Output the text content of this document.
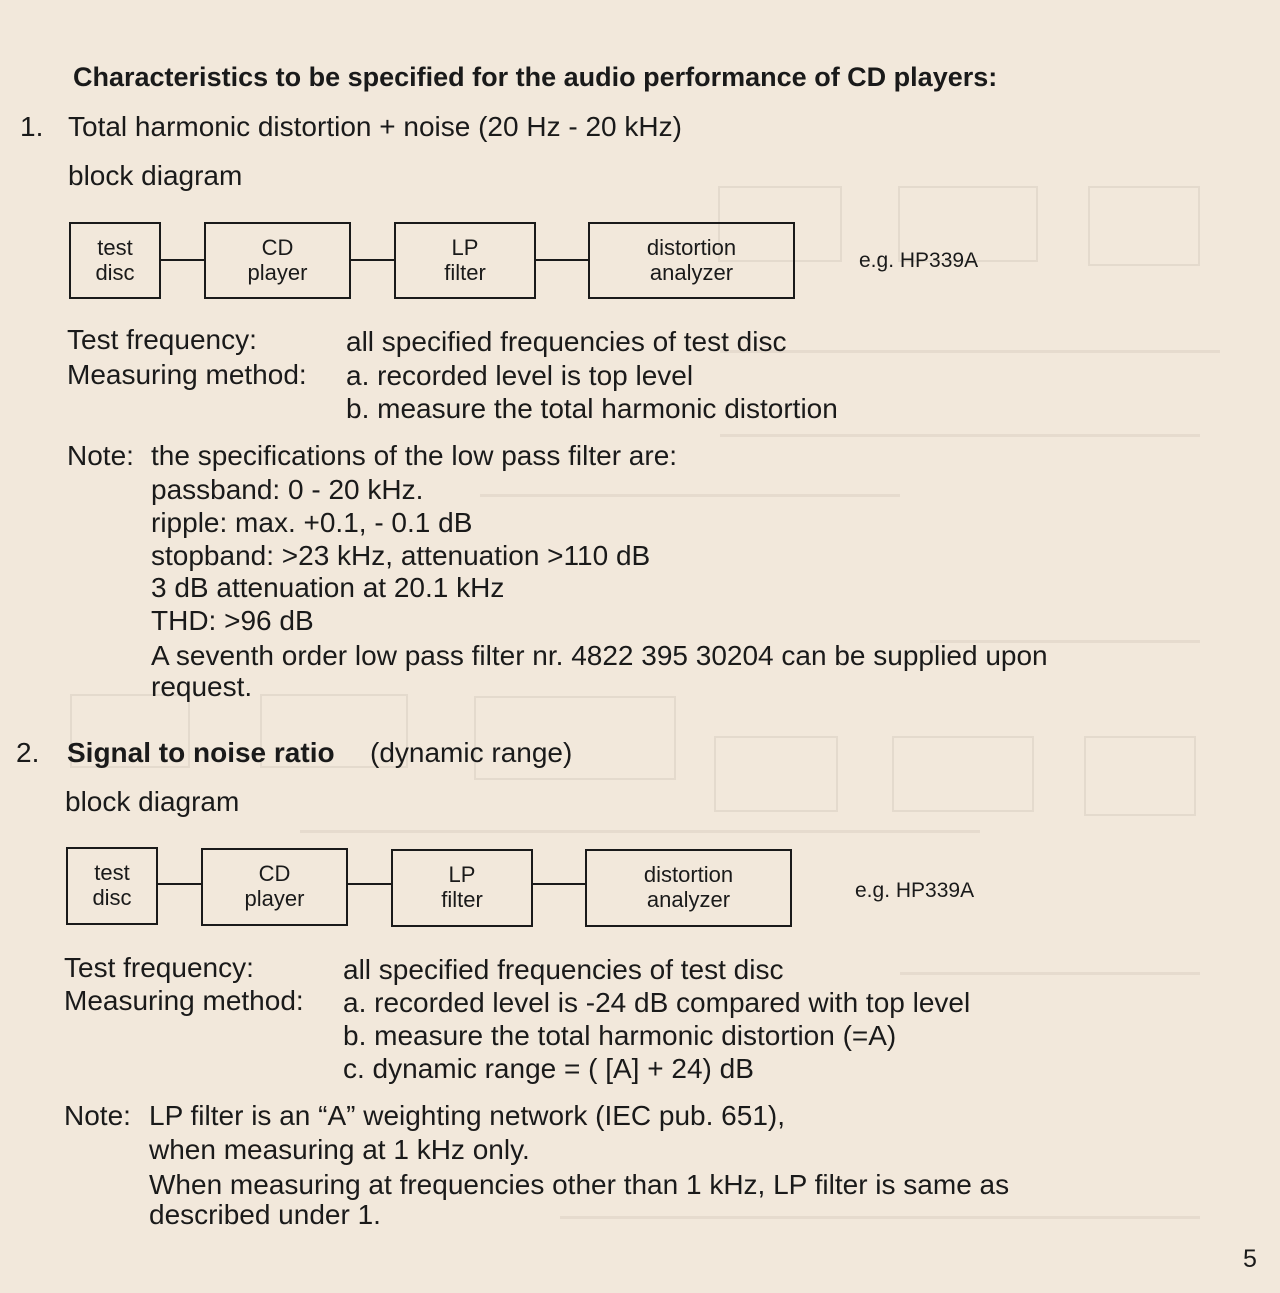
Characteristics to be specified for the audio performance of CD players:
1. Total harmonic distortion + noise (20 Hz - 20 kHz)
block diagram
test
disc
CD
player
LP
filter
distortion
analyzer	e.g. HP339A
Test frequency:	all specified frequencies of test disc
Measuring method: a. recorded level is top level
b. measure the total harmonic distortion
Note: the specifications of the low pass filter are:
passband: 0 - 20 kHz.
ripple: max. +0.1, - 0.1 dB
stopband: >23 kHz, attenuation >110 dB
3 dB attenuation at 20.1 kHz
THD: >96 dB
A seventh order low pass filter nr. 4822 395 30204 can be supplied upon
request.
2. Signal to noise ratio (dynamic range)
block diagram
test
disc
CD
player
LP
filter
distortion
analyzer	e.g. HP339A
Test frequency:	all specified frequencies of test disc
Measuring method: a. recorded level is -24 dB compared with top level
b. measure the total harmonic distortion (=A)
c. dynamic range = ( [A] + 24) dB
Note: LP filter is an “A” weighting network (IEC pub. 651),
when measuring at 1 kHz only.
When measuring at frequencies other than 1 kHz, LP filter is same as
described under 1.
5
